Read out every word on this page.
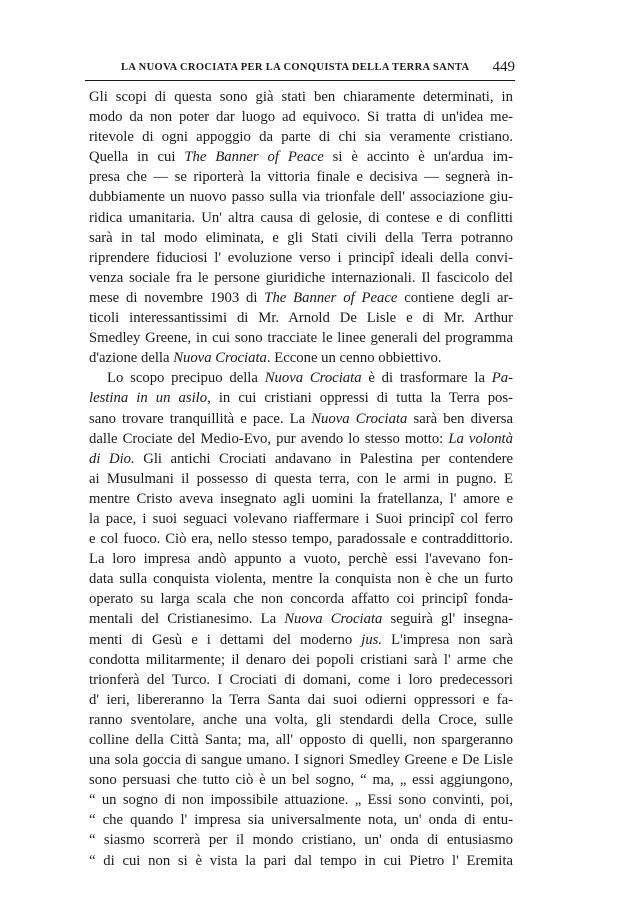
LA NUOVA CROCIATA PER LA CONQUISTA DELLA TERRA SANTA 449
Gli scopi di questa sono già stati ben chiaramente determinati, in
modo da non poter dar luogo ad equivoco. Si tratta di un'idea me-
ritevole di ogni appoggio da parte di chi sia veramente cristiano.
Quella in cui The Banner of Peace si è accinto è un'ardua im-
presa che — se riporterà la vittoria finale e decisiva — segnerà in-
dubbiamente un nuovo passo sulla via trionfale dell' associazione giu-
ridica umanitaria. Un' altra causa di gelosie, di contese e di conflitti
sarà in tal modo eliminata, e gli Stati civili della Terra potranno
riprendere fiduciosi l' evoluzione verso i principî ideali della convi-
venza sociale fra le persone giuridiche internazionali. Il fascicolo del
mese di novembre 1903 di The Banner of Peace contiene degli ar-
ticoli interessantissimi di Mr. Arnold De Lisle e di Mr. Arthur
Smedley Greene, in cui sono tracciate le linee generali del programma
d'azione della Nuova Crociata. Eccone un cenno obbiettivo.
Lo scopo precipuo della Nuova Crociata è di trasformare la Pa-
lestina in un asilo, in cui cristiani oppressi di tutta la Terra pos-
sano trovare tranquillità e pace. La Nuova Crociata sarà ben diversa
dalle Crociate del Medio-Evo, pur avendo lo stesso motto: La volontà
di Dio. Gli antichi Crociati andavano in Palestina per contendere
ai Musulmani il possesso di questa terra, con le armi in pugno. E
mentre Cristo aveva insegnato agli uomini la fratellanza, l' amore e
la pace, i suoi seguaci volevano riaffermare i Suoi principî col ferro
e col fuoco. Ciò era, nello stesso tempo, paradossale e contraddittorio.
La loro impresa andò appunto a vuoto, perchè essi l'avevano fon-
data sulla conquista violenta, mentre la conquista non è che un furto
operato su larga scala che non concorda affatto coi principî fonda-
mentali del Cristianesimo. La Nuova Crociata seguirà gl' insegna-
menti di Gesù e i dettami del moderno jus. L'impresa non sarà
condotta militarmente; il denaro dei popoli cristiani sarà l' arme che
trionferà del Turco. I Crociati di domani, come i loro predecessori
d' ieri, libereranno la Terra Santa dai suoi odierni oppressori e fa-
ranno sventolare, anche una volta, gli stendardi della Croce, sulle
colline della Città Santa; ma, all' opposto di quelli, non spargeranno
una sola goccia di sangue umano. I signori Smedley Greene e De Lisle
sono persuasi che tutto ciò è un bel sogno, “ ma, „ essi aggiungono,
“ un sogno di non impossibile attuazione. „ Essi sono convinti, poi,
“ che quando l' impresa sia universalmente nota, un' onda di entu-
“ siasmo scorrerà per il mondo cristiano, un' onda di entusiasmo
“ di cui non si è vista la pari dal tempo in cui Pietro l' Eremita
